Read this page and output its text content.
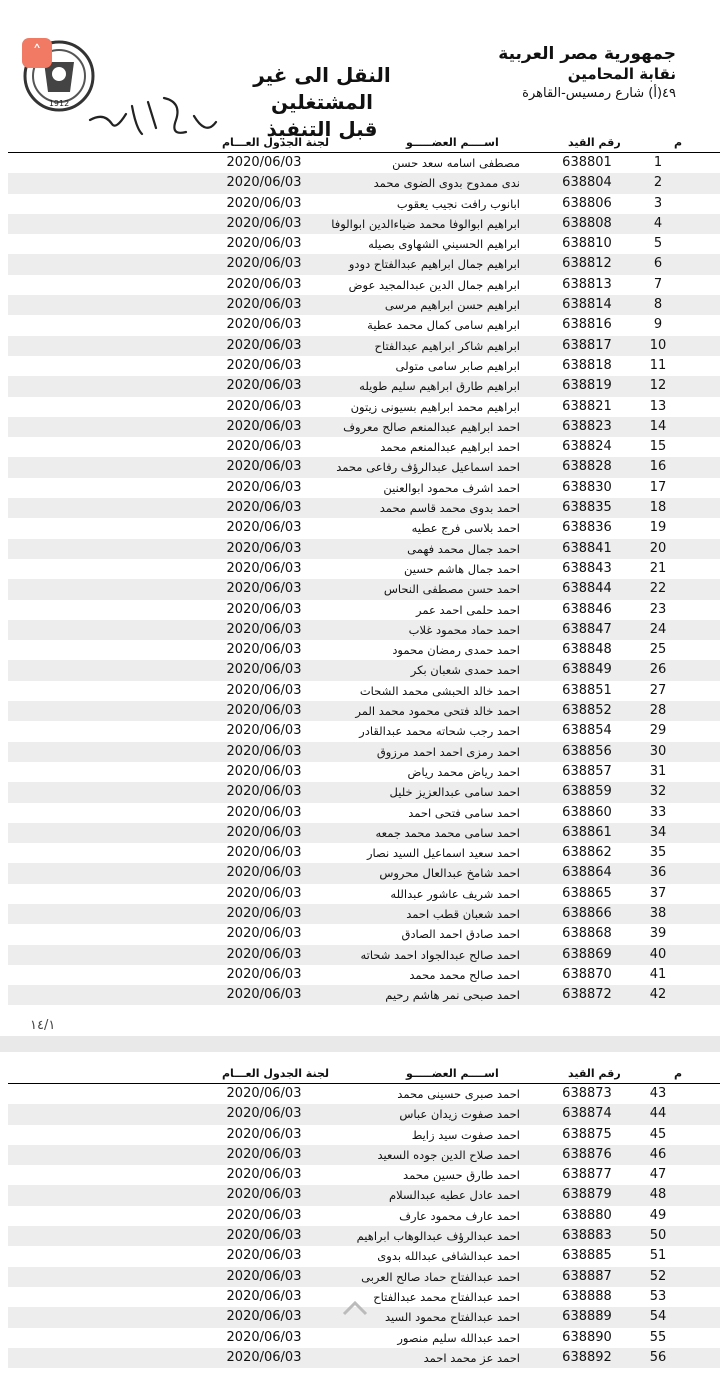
1912
˄
٢٠٢٠/١٢/٦
النقل الى غير المشتغلين
قبل التنفيذ
جمهورية مصر العربية
نقابة المحامين
٤٩(أ) شارع رمسيس-القاهرة
لجنة الجدول العـــام	اســــم العضـــــو	رقم القيد	م
2020/06/03	مصطفى اسامه سعد حسن	638801	1
2020/06/03	ندى ممدوح بدوى الضوى محمد	638804	2
2020/06/03	ابانوب رافت نجيب يعقوب	638806	3
2020/06/03	ابراهيم ابوالوفا محمد ضياءالدين ابوالوفا	638808	4
2020/06/03	ابراهيم الحسيني الشهاوى بصيله	638810	5
2020/06/03	ابراهيم جمال ابراهيم عبدالفتاح دودو	638812	6
2020/06/03	ابراهيم جمال الدين عبدالمجيد عوض	638813	7
2020/06/03	ابراهيم حسن ابراهيم مرسى	638814	8
2020/06/03	ابراهيم سامى كمال محمد عطية	638816	9
2020/06/03	ابراهيم شاكر ابراهيم عبدالفتاح	638817	10
2020/06/03	ابراهيم صابر سامى متولى	638818	11
2020/06/03	ابراهيم طارق ابراهيم سليم طويله	638819	12
2020/06/03	ابراهيم محمد ابراهيم بسيونى زيتون	638821	13
2020/06/03	احمد ابراهيم عبدالمنعم صالح معروف	638823	14
2020/06/03	احمد ابراهيم عبدالمنعم محمد	638824	15
2020/06/03	احمد اسماعيل عبدالرؤف رفاعى محمد	638828	16
2020/06/03	احمد اشرف محمود ابوالعنين	638830	17
2020/06/03	احمد بدوى محمد قاسم محمد	638835	18
2020/06/03	احمد بلاسى فرج عطيه	638836	19
2020/06/03	احمد جمال محمد فهمى	638841	20
2020/06/03	احمد جمال هاشم حسين	638843	21
2020/06/03	احمد حسن مصطفى النحاس	638844	22
2020/06/03	احمد حلمى احمد عمر	638846	23
2020/06/03	احمد حماد محمود غلاب	638847	24
2020/06/03	احمد حمدى رمضان محمود	638848	25
2020/06/03	احمد حمدى شعبان بكر	638849	26
2020/06/03	احمد خالد الحبشى محمد الشحات	638851	27
2020/06/03	احمد خالد فتحى محمود محمد المر	638852	28
2020/06/03	احمد رجب شحاته محمد عبدالقادر	638854	29
2020/06/03	احمد رمزى احمد احمد مرزوق	638856	30
2020/06/03	احمد رياض محمد رياض	638857	31
2020/06/03	احمد سامى عبدالعزيز خليل	638859	32
2020/06/03	احمد سامى فتحى احمد	638860	33
2020/06/03	احمد سامى محمد محمد جمعه	638861	34
2020/06/03	احمد سعيد اسماعيل السيد نصار	638862	35
2020/06/03	احمد شامخ عبدالعال محروس	638864	36
2020/06/03	احمد شريف عاشور عبدالله	638865	37
2020/06/03	احمد شعبان قطب احمد	638866	38
2020/06/03	احمد صادق احمد الصادق	638868	39
2020/06/03	احمد صالح عبدالجواد احمد شحاته	638869	40
2020/06/03	احمد صالح محمد محمد	638870	41
2020/06/03	احمد صبحى نمر هاشم رحيم	638872	42
١٤/١
لجنة الجدول العـــام	اســــم العضـــــو	رقم القيد	م
2020/06/03	احمد صبرى حسينى محمد	638873	43
2020/06/03	احمد صفوت زيدان عباس	638874	44
2020/06/03	احمد صفوت سيد زايط	638875	45
2020/06/03	احمد صلاح الدين جوده السعيد	638876	46
2020/06/03	احمد طارق حسين محمد	638877	47
2020/06/03	احمد عادل عطيه عبدالسلام	638879	48
2020/06/03	احمد عارف محمود عارف	638880	49
2020/06/03	احمد عبدالرؤف عبدالوهاب ابراهيم	638883	50
2020/06/03	احمد عبدالشافى عبدالله بدوى	638885	51
2020/06/03	احمد عبدالفتاح حماد صالح العربى	638887	52
2020/06/03	احمد عبدالفتاح محمد عبدالفتاح	638888	53
2020/06/03	احمد عبدالفتاح محمود السيد	638889	54
2020/06/03	احمد عبدالله سليم منصور	638890	55
2020/06/03	احمد عز محمد احمد	638892	56
